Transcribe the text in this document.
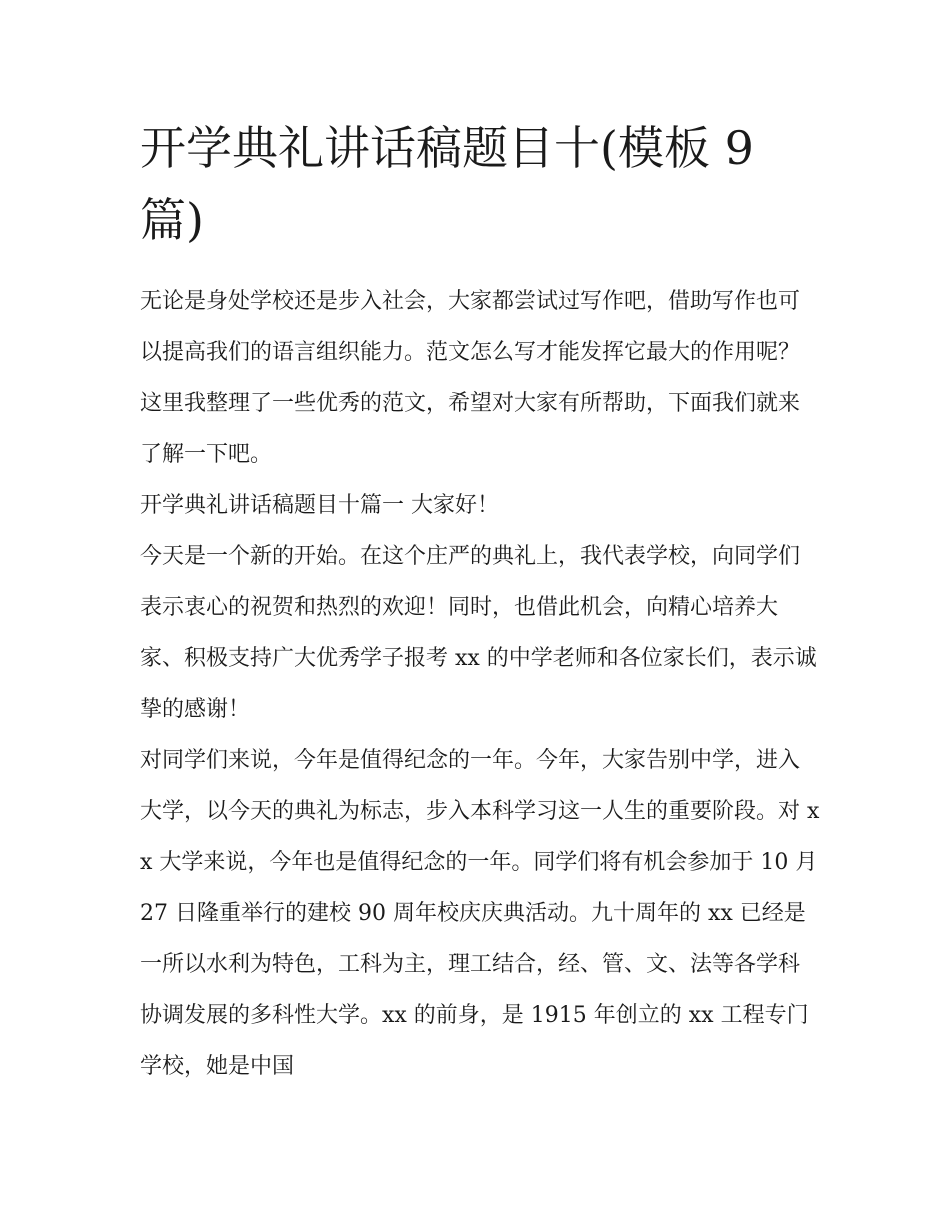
开学典礼讲话稿题目十(模板 9 篇)

无论是身处学校还是步入社会，大家都尝试过写作吧，借助写作也可以提高我们的语言组织能力。范文怎么写才能发挥它最大的作用呢？这里我整理了一些优秀的范文，希望对大家有所帮助，下面我们就来了解一下吧。

开学典礼讲话稿题目十篇一 大家好！

今天是一个新的开始。在这个庄严的典礼上，我代表学校，向同学们表示衷心的祝贺和热烈的欢迎！同时，也借此机会，向精心培养大家、积极支持广大优秀学子报考 xx 的中学老师和各位家长们，表示诚挚的感谢！

对同学们来说，今年是值得纪念的一年。今年，大家告别中学，进入大学，以今天的典礼为标志，步入本科学习这一人生的重要阶段。对 xx 大学来说，今年也是值得纪念的一年。同学们将有机会参加于 10 月 27 日隆重举行的建校 90 周年校庆庆典活动。九十周年的 xx 已经是一所以水利为特色，工科为主，理工结合，经、管、文、法等各学科协调发展的多科性大学。xx 的前身，是 1915 年创立的 xx 工程专门学校，她是中国
